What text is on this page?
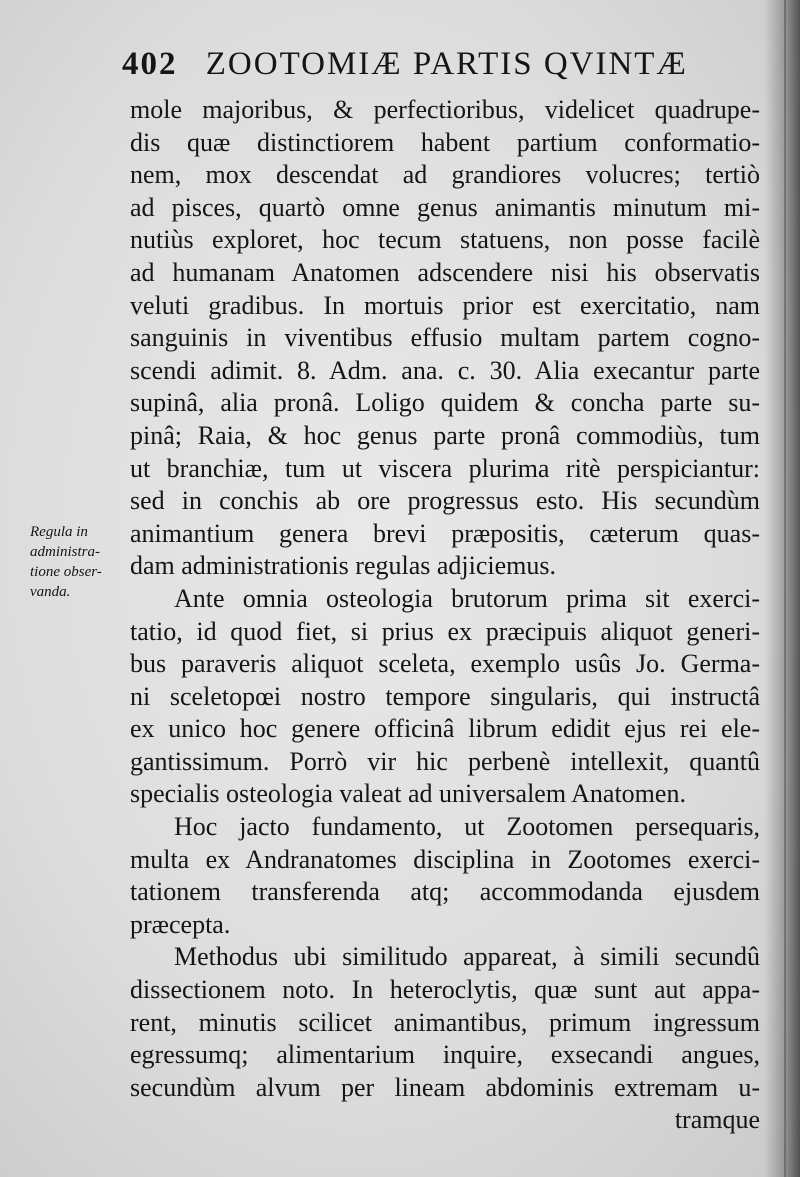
402 ZOOTOMIÆ PARTIS QVINTÆ
Regula in
administra-
tione obser-
vanda.
mole majoribus, & perfectioribus, videlicet quadrupe-
dis quæ distinctiorem habent partium conformatio-
nem, mox descendat ad grandiores volucres; tertiò
ad pisces, quartò omne genus animantis minutum mi-
nutiùs exploret, hoc tecum statuens, non posse facilè
ad humanam Anatomen adscendere nisi his observatis
veluti gradibus. In mortuis prior est exercitatio, nam
sanguinis in viventibus effusio multam partem cogno-
scendi adimit. 8. Adm. ana. c. 30. Alia execantur parte
supinâ, alia pronâ. Loligo quidem & concha parte su-
pinâ; Raia, & hoc genus parte pronâ commodiùs, tum
ut branchiæ, tum ut viscera plurima ritè perspiciantur:
sed in conchis ab ore progressus esto. His secundùm
animantium genera brevi præpositis, cæterum quas-
dam administrationis regulas adjiciemus.
Ante omnia osteologia brutorum prima sit exerci-
tatio, id quod fiet, si prius ex præcipuis aliquot generi-
bus paraveris aliquot sceleta, exemplo usûs Jo. Germa-
ni sceletopœi nostro tempore singularis, qui instructâ
ex unico hoc genere officinâ librum edidit ejus rei ele-
gantissimum. Porrò vir hic perbenè intellexit, quantû
specialis osteologia valeat ad universalem Anatomen.
Hoc jacto fundamento, ut Zootomen persequaris,
multa ex Andranatomes disciplina in Zootomes exerci-
tationem transferenda atq; accommodanda ejusdem
præcepta.
Methodus ubi similitudo appareat, à simili secundû
dissectionem noto. In heteroclytis, quæ sunt aut appa-
rent, minutis scilicet animantibus, primum ingressum
egressumq; alimentarium inquire, exsecandi angues,
secundùm alvum per lineam abdominis extremam u-
tramque
